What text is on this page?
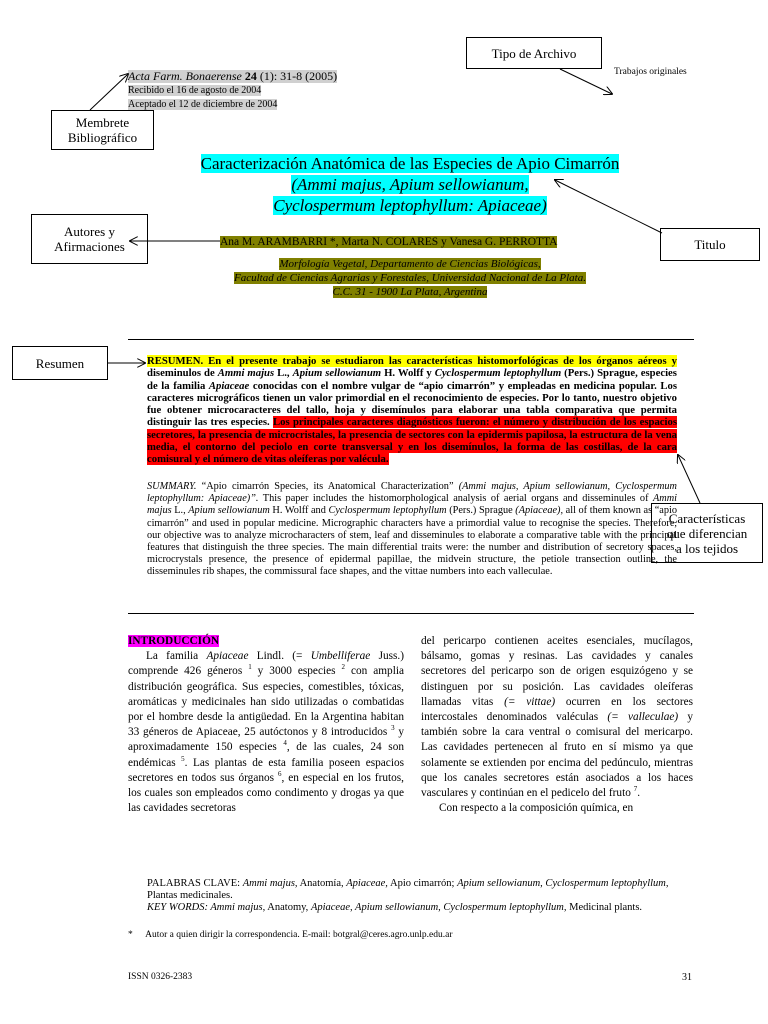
Tipo de Archivo
Membrete
Bibliográfico
Autores y
Afirmaciones	Titulo
Resumen
Características
que diferencian
a los tejidos
Trabajos originales
Acta Farm. Bonaerense 24 (1): 31-8 (2005)
Recibido el 16 de agosto de 2004
Aceptado el 12 de diciembre de 2004
Caracterización Anatómica de las Especies de Apio Cimarrón
(Ammi majus, Apium sellowianum,
Cyclospermum leptophyllum: Apiaceae)
Ana M. ARAMBARRI *, Marta N. COLARES y Vanesa G. PERROTTA
Morfología Vegetal, Departamento de Ciencias Biológicas,
Facultad de Ciencias Agrarias y Forestales, Universidad Nacional de La Plata.
C.C. 31 - 1900 La Plata, Argentina
RESUMEN. En el presente trabajo se estudiaron las características histomorfológicas de los órganos aéreos y diseminulos de Ammi majus L., Apium sellowianum H. Wolff y Cyclospermum leptophyllum (Pers.) Sprague, especies de la familia Apiaceae conocidas con el nombre vulgar de “apio cimarrón” y empleadas en medicina popular. Los caracteres micrográficos tienen un valor primordial en el reconocimiento de especies. Por lo tanto, nuestro objetivo fue obtener microcaracteres del tallo, hoja y disemínulos para elaborar una tabla comparativa que permita distinguir las tres especies. Los principales caracteres diagnósticos fueron: el número y distribución de los espacios secretores, la presencia de microcristales, la presencia de sectores con la epidermis papilosa, la estructura de la vena media, el contorno del peciolo en corte transversal y en los disemínulos, la forma de las costillas, de la cara comisural y el número de vitas oleíferas por valécula.
SUMMARY. “Apio cimarrón Species, its Anatomical Characterization” (Ammi majus, Apium sellowianum, Cyclospermum leptophyllum: Apiaceae)”. This paper includes the histomorphological analysis of aerial organs and disseminules of Ammi majus L., Apium sellowianum H. Wolff and Cyclospermum leptophyllum (Pers.) Sprague (Apiaceae), all of them known as “apio cimarrón” and used in popular medicine. Micrographic characters have a primordial value to recognise the species. Therefore, our objective was to analyze microcharacters of stem, leaf and disseminules to elaborate a comparative table with the principal features that distinguish the three species. The main differential traits were: the number and distribution of secretory spaces, microcrystals presence, the presence of epidermal papillae, the midvein structure, the petiole transection outline, the disseminules rib shapes, the commissural face shapes, and the vittae numbers into each valleculae.
INTRODUCCIÓN
La familia Apiaceae Lindl. (= Umbelliferae Juss.) comprende 426 géneros $^1$ y 3000 especies $^2$ con amplia distribución geográfica. Sus especies, comestibles, tóxicas, aromáticas y medicinales han sido utilizadas o combatidas por el hombre desde la antigüedad. En la Argentina habitan 33 géneros de Apiaceae, 25 autóctonos y 8 introducidos $^3$ y aproximadamente 150 especies $^4$, de las cuales, 24 son endémicas $^5$. Las plantas de esta familia poseen espacios secretores en todos sus órganos $^6$, en especial en los frutos, los cuales son empleados como condimento y drogas ya que las cavidades secretoras
del pericarpo contienen aceites esenciales, mucílagos, bálsamo, gomas y resinas. Las cavidades y canales secretores del pericarpo son de origen esquizógeno y se distinguen por su posición. Las cavidades oleíferas llamadas vitas (= vittae) ocurren en los sectores intercostales denominados valéculas (= valleculae) y también sobre la cara ventral o comisural del mericarpo. Las cavidades pertenecen al fruto en sí mismo ya que solamente se extienden por encima del pedúnculo, mientras que los canales secretores están asociados a los haces vasculares y continúan en el pedicelo del fruto $^7$.
Con respecto a la composición química, en
PALABRAS CLAVE: Ammi majus, Anatomía, Apiaceae, Apio cimarrón; Apium sellowianum, Cyclospermum leptophyllum, Plantas medicinales.
KEY WORDS: Ammi majus, Anatomy, Apiaceae, Apium sellowianum, Cyclospermum leptophyllum, Medicinal plants.
* Autor a quien dirigir la correspondencia. E-mail: botgral@ceres.agro.unlp.edu.ar
ISSN 0326-2383	31
